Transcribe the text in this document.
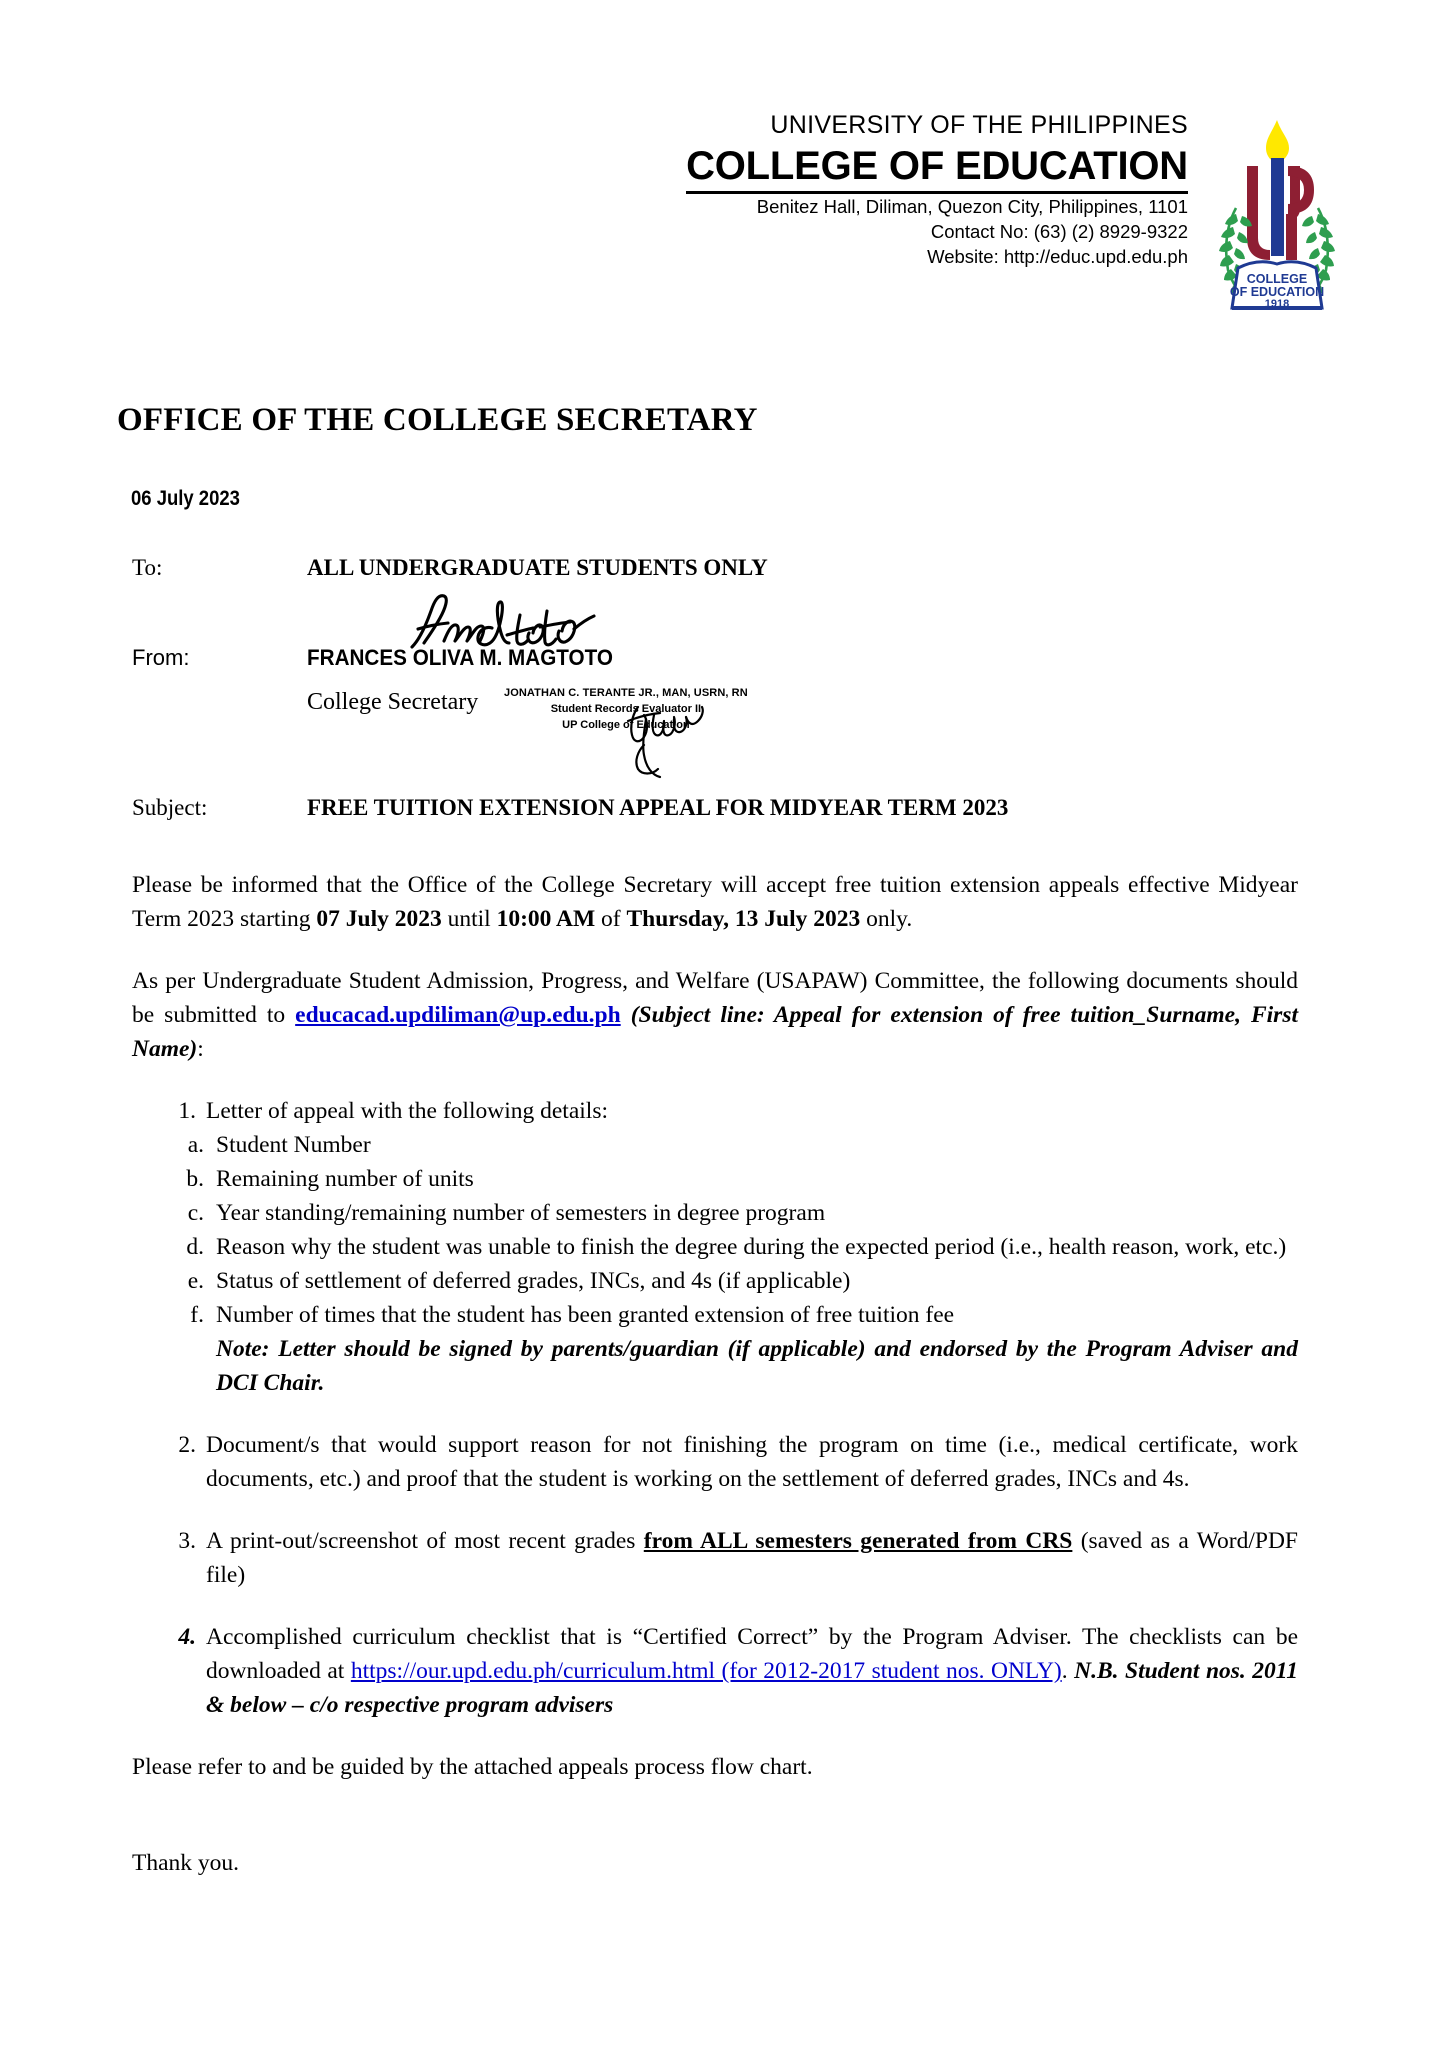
UNIVERSITY OF THE PHILIPPINES
COLLEGE OF EDUCATION
Benitez Hall, Diliman, Quezon City, Philippines, 1101
Contact No: (63) (2) 8929-9322
Website: http://educ.upd.edu.ph
COLLEGE
OF EDUCATION
1918
OFFICE OF THE COLLEGE SECRETARY
06 July 2023
To:	ALL UNDERGRADUATE STUDENTS ONLY
From:	FRANCES OLIVA M. MAGTOTO
College Secretary JONATHAN C. TERANTE JR., MAN, USRN, RN
Student Records Evaluator II
UP College of Education
Subject:	FREE TUITION EXTENSION APPEAL FOR MIDYEAR TERM 2023

Please be informed that the Office of the College Secretary will accept free tuition extension appeals effective Midyear Term 2023 starting 07 July 2023 until 10:00 AM of Thursday, 13 July 2023 only.

As per Undergraduate Student Admission, Progress, and Welfare (USAPAW) Committee, the following documents should be submitted to educacad.updiliman@up.edu.ph (Subject line: Appeal for extension of free tuition_Surname, First Name):

1. Letter of appeal with the following details:
a. Student Number
b. Remaining number of units
c. Year standing/remaining number of semesters in degree program
d. Reason why the student was unable to finish the degree during the expected period (i.e., health reason, work, etc.)
e. Status of settlement of deferred grades, INCs, and 4s (if applicable)
f. Number of times that the student has been granted extension of free tuition fee
Note: Letter should be signed by parents/guardian (if applicable) and endorsed by the Program Adviser and DCI Chair.
2. Document/s that would support reason for not finishing the program on time (i.e., medical certificate, work documents, etc.) and proof that the student is working on the settlement of deferred grades, INCs and 4s.
3. A print-out/screenshot of most recent grades from ALL semesters generated from CRS (saved as a Word/PDF file)
4. Accomplished curriculum checklist that is “Certified Correct” by the Program Adviser. The checklists can be downloaded at https://our.upd.edu.ph/curriculum.html (for 2012-2017 student nos. ONLY). N.B. Student nos. 2011 & below – c/o respective program advisers

Please refer to and be guided by the attached appeals process flow chart.

Thank you.
